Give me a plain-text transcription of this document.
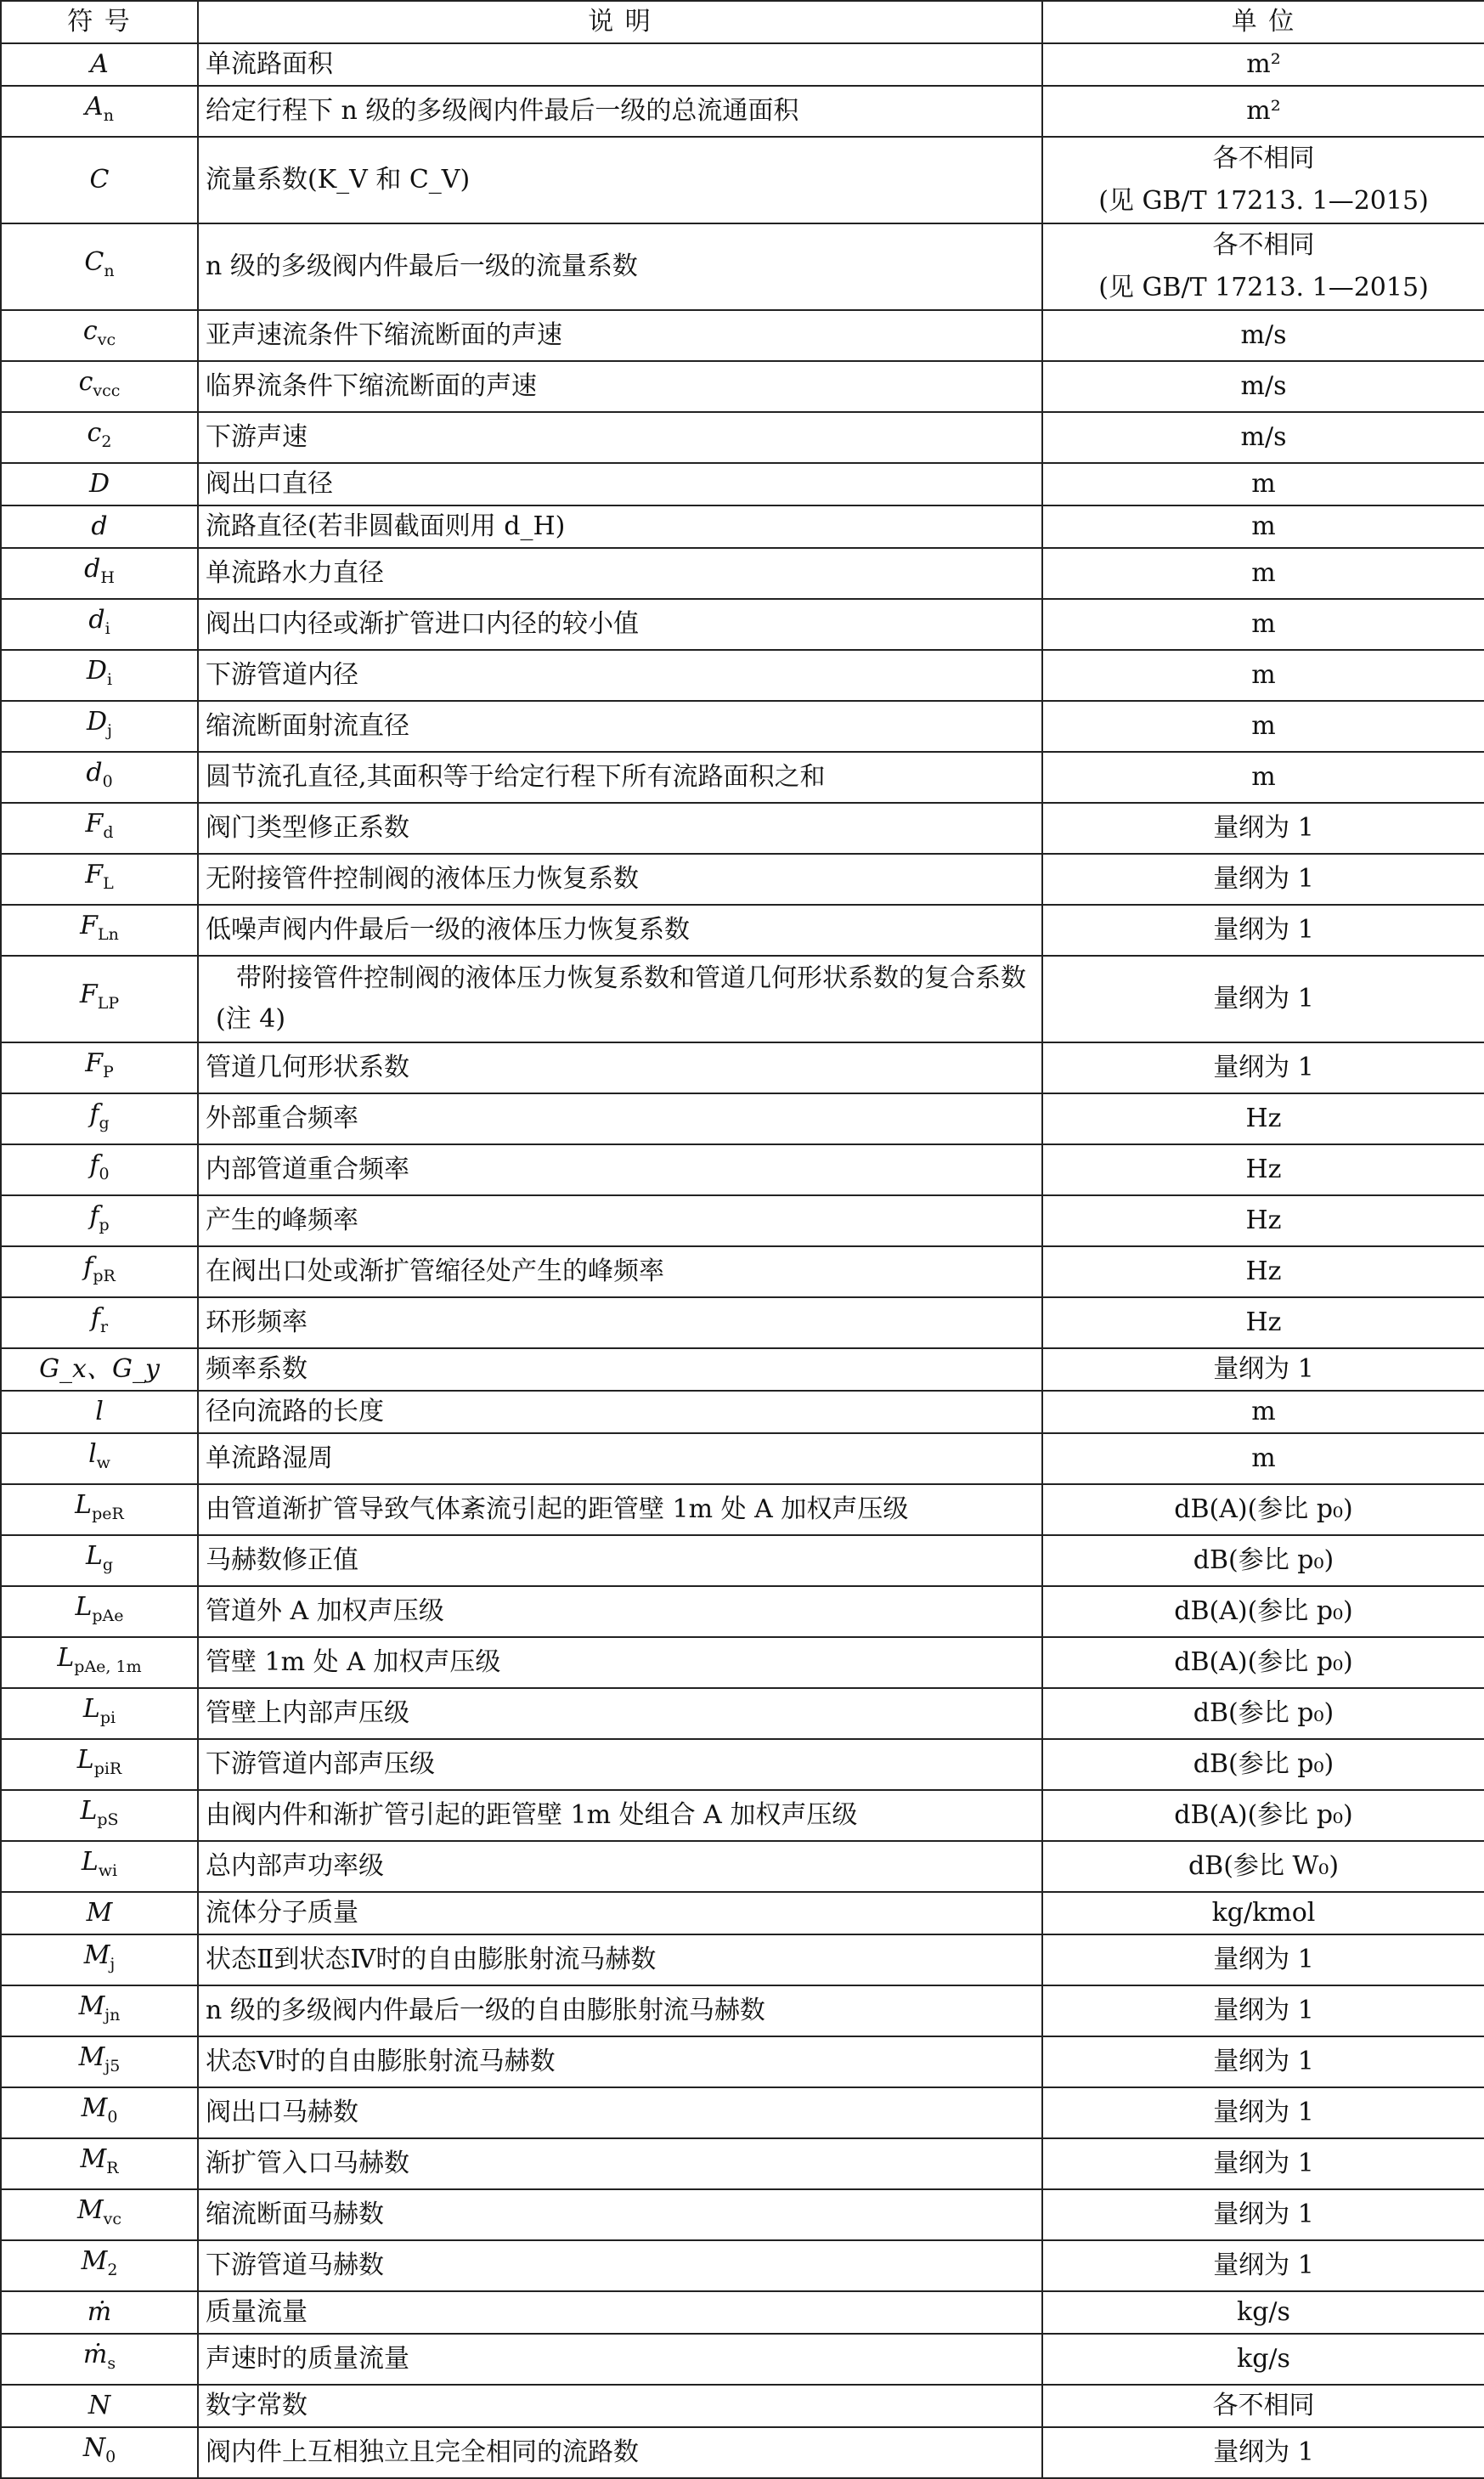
符 号	说 明	单 位
A	单流路面积	m²

$A_n$	给定行程下 n 级的多级阀内件最后一级的总流通面积	m²

C	流量系数(K_V 和 C_V)	各不相同
(见 GB/T 17213. 1—2015)

$C_n$	n 级的多级阀内件最后一级的流量系数	各不相同
(见 GB/T 17213. 1—2015)

$c_{vc}$	亚声速流条件下缩流断面的声速	m/s

$c_{vcc}$	临界流条件下缩流断面的声速	m/s

$c_2$	下游声速	m/s

D	阀出口直径	m

d	流路直径(若非圆截面则用 d_H)	m

$d_H$	单流路水力直径	m

$d_i$	阀出口内径或渐扩管进口内径的较小值	m

$D_i$	下游管道内径	m

$D_j$	缩流断面射流直径	m

$d_0$	圆节流孔直径,其面积等于给定行程下所有流路面积之和	m

$F_d$	阀门类型修正系数	量纲为 1

$F_L$	无附接管件控制阀的液体压力恢复系数	量纲为 1

$F_{Ln}$	低噪声阀内件最后一级的液体压力恢复系数	量纲为 1

$F_{LP}$	带附接管件控制阀的液体压力恢复系数和管道几何形状系数的复合系数(注 4)	量纲为 1

$F_P$	管道几何形状系数	量纲为 1

$f_g$	外部重合频率	Hz

$f_0$	内部管道重合频率	Hz

$f_p$	产生的峰频率	Hz

$f_{pR}$	在阀出口处或渐扩管缩径处产生的峰频率	Hz

$f_r$	环形频率	Hz

G_x、G_y	频率系数	量纲为 1

l	径向流路的长度	m

$l_w$	单流路湿周	m

$L_{peR}$	由管道渐扩管导致气体紊流引起的距管壁 1m 处 A 加权声压级	dB(A)(参比 p₀)

$L_g$	马赫数修正值	dB(参比 p₀)

$L_{pAe}$	管道外 A 加权声压级	dB(A)(参比 p₀)

$L_{pAe, 1m}$	管壁 1m 处 A 加权声压级	dB(A)(参比 p₀)

$L_{pi}$	管壁上内部声压级	dB(参比 p₀)

$L_{piR}$	下游管道内部声压级	dB(参比 p₀)

$L_{pS}$	由阀内件和渐扩管引起的距管壁 1m 处组合 A 加权声压级	dB(A)(参比 p₀)

$L_{wi}$	总内部声功率级	dB(参比 W₀)

M	流体分子质量	kg/kmol

$M_j$	状态Ⅱ到状态Ⅳ时的自由膨胀射流马赫数	量纲为 1

$M_{jn}$	n 级的多级阀内件最后一级的自由膨胀射流马赫数	量纲为 1

$M_{j5}$	状态Ⅴ时的自由膨胀射流马赫数	量纲为 1

$M_0$	阀出口马赫数	量纲为 1

$M_R$	渐扩管入口马赫数	量纲为 1

$M_{vc}$	缩流断面马赫数	量纲为 1

$M_2$	下游管道马赫数	量纲为 1

ṁ	质量流量	kg/s

ṁ$_s$	声速时的质量流量	kg/s

N	数字常数	各不相同

$N_0$	阀内件上互相独立且完全相同的流路数	量纲为 1
